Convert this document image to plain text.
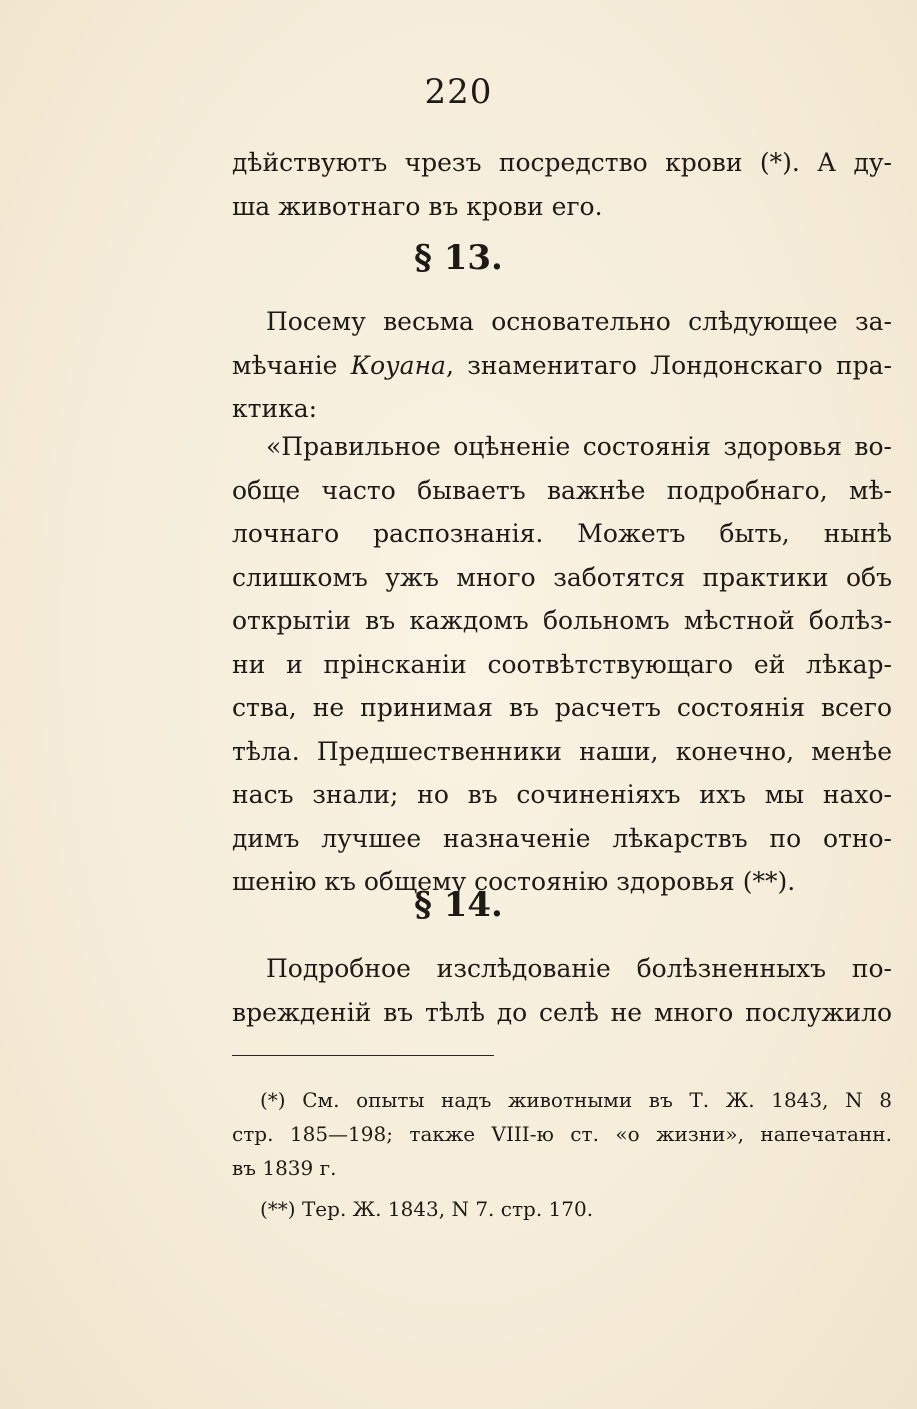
220
дѣйствуютъ чрезъ посредство крови (*). А ду-
ша животнаго въ крови его.
§ 13.
Посему весьма основательно слѣдующее за-
мѣчаніе Коуана, знаменитаго Лондонскаго пра-
ктика:
«Правильное оцѣненіе состоянія здоровья во-
обще часто бываетъ важнѣе подробнаго, мѣ-
лочнаго распознанія. Можетъ быть, нынѣ
слишкомъ ужъ много заботятся практики объ
открытіи въ каждомъ больномъ мѣстной болѣз-
ни и прінсканіи соотвѣтствующаго ей лѣкар-
ства, не принимая въ расчетъ состоянія всего
тѣла. Предшественники наши, конечно, менѣе
насъ знали; но въ сочиненіяхъ ихъ мы нахо-
димъ лучшее назначеніе лѣкарствъ по отно-
шенію къ общему состоянію здоровья (**).
§ 14.
Подробное изслѣдованіе болѣзненныхъ по-
врежденій въ тѣлѣ до селѣ не много послужило
(*) См. опыты надъ животными въ Т. Ж. 1843, N 8
стр. 185—198; также VIII-ю ст. «о жизни», напечатанн.
въ 1839 г.
(**) Тер. Ж. 1843, N 7. стр. 170.
